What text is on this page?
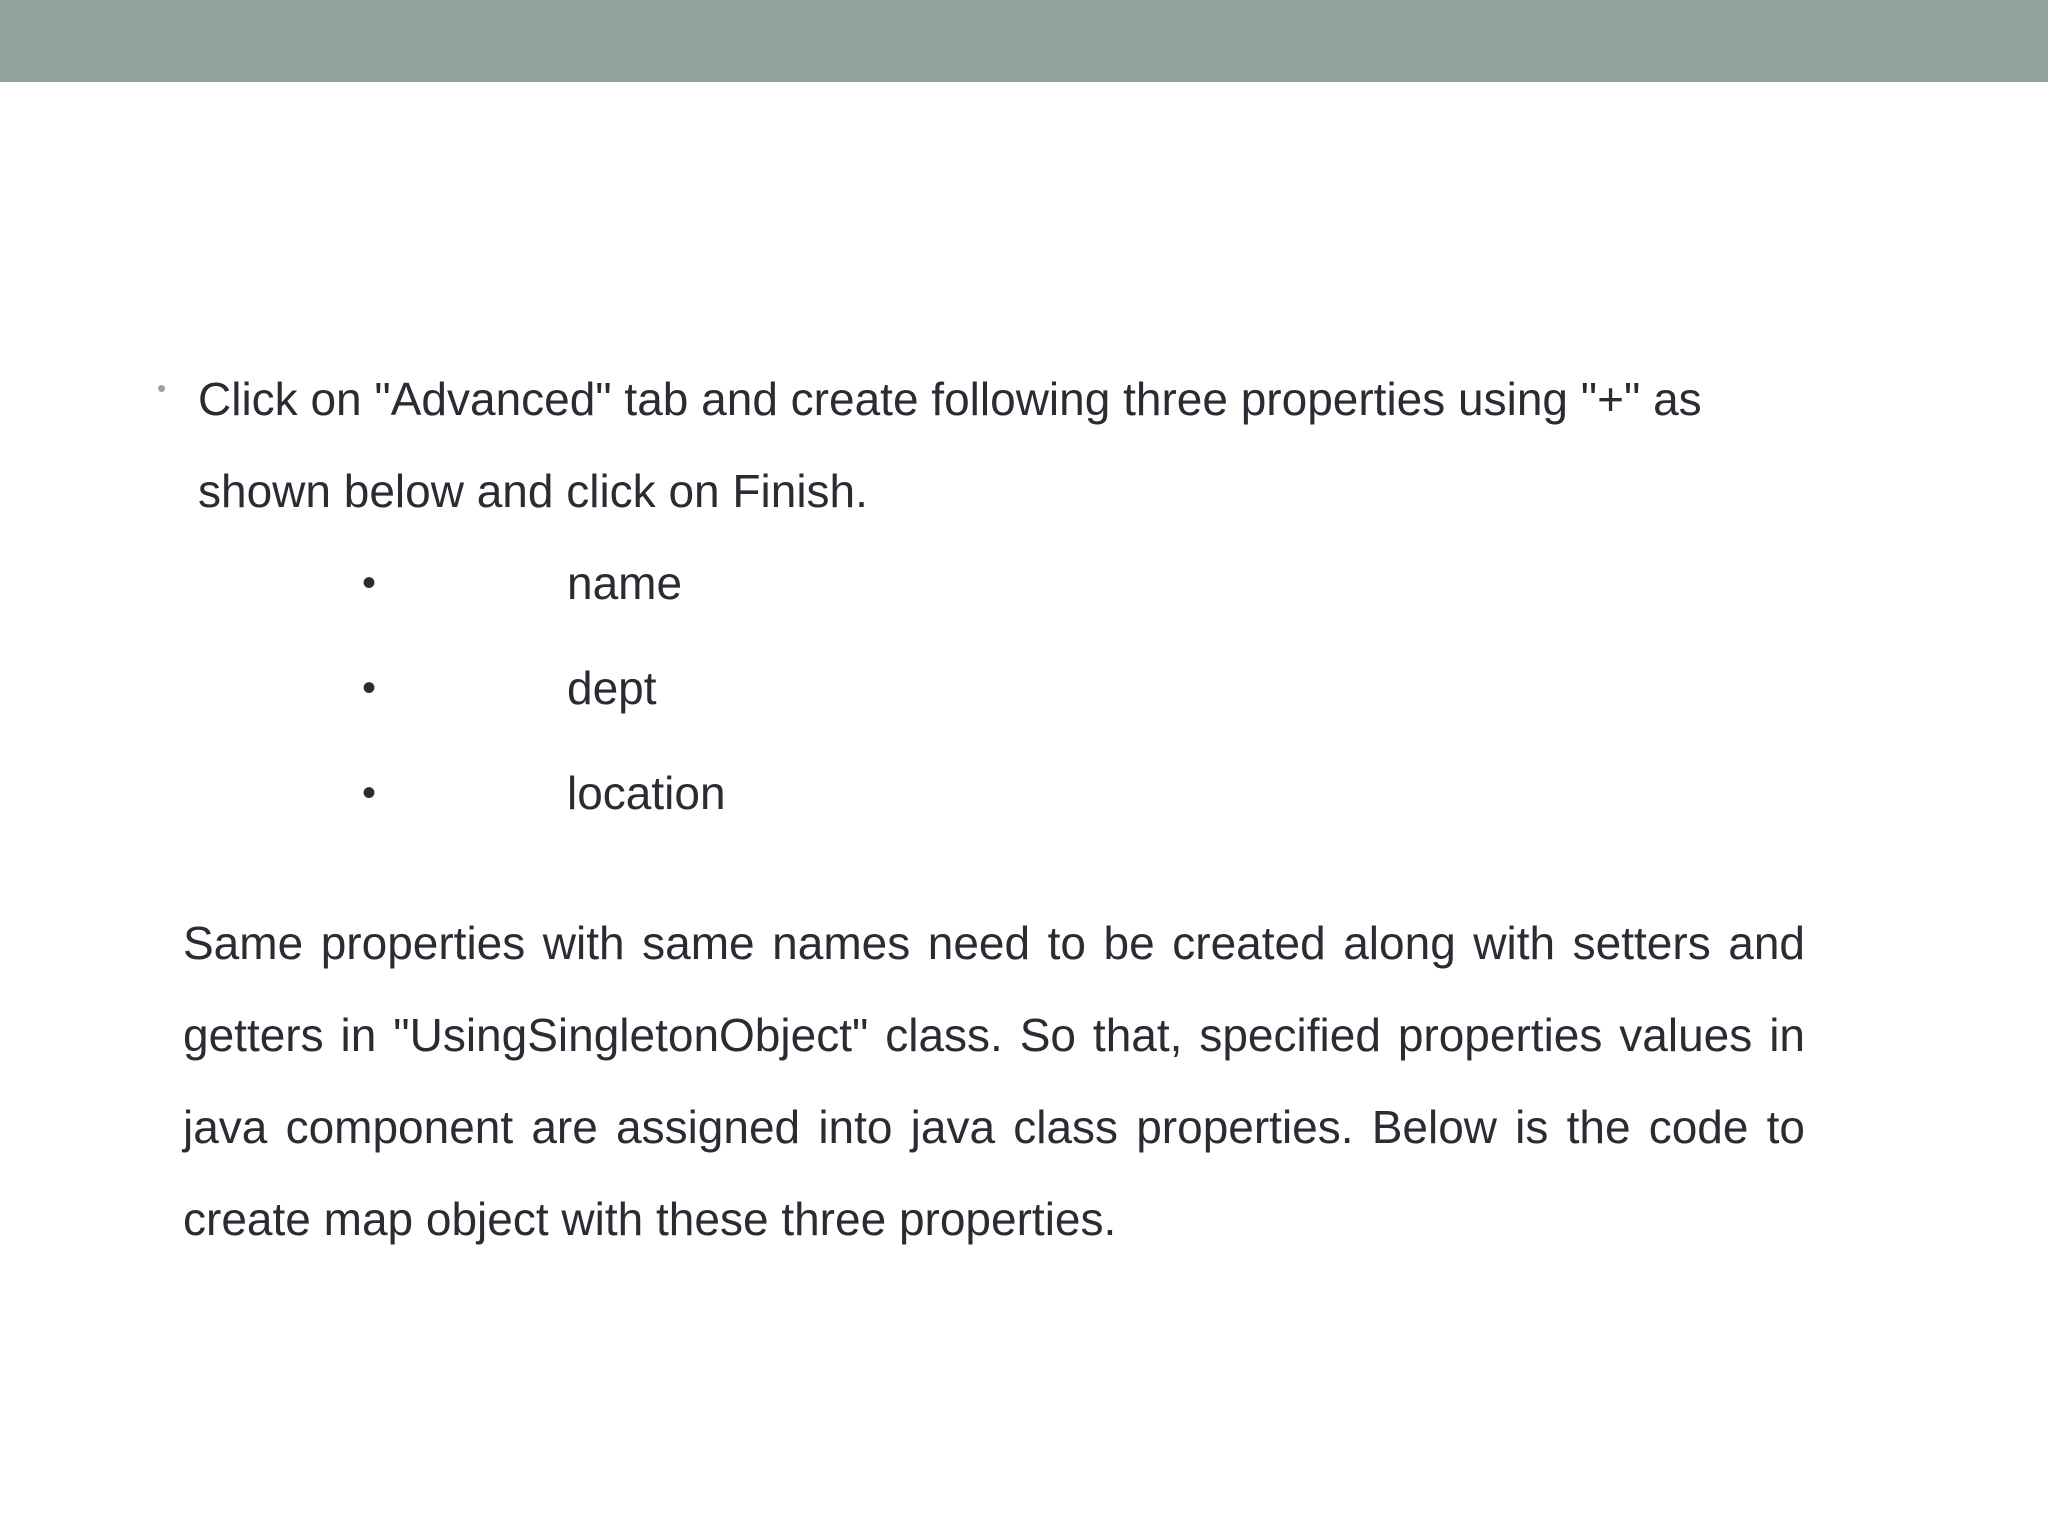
• Click on "Advanced" tab and create following three properties using "+" as shown below and click on Finish.
•	name
•	dept
•	location

Same properties with same names need to be created along with setters and getters in "UsingSingletonObject" class. So that, specified properties values in java component are assigned into java class properties. Below is the code to create map object with these three properties.
